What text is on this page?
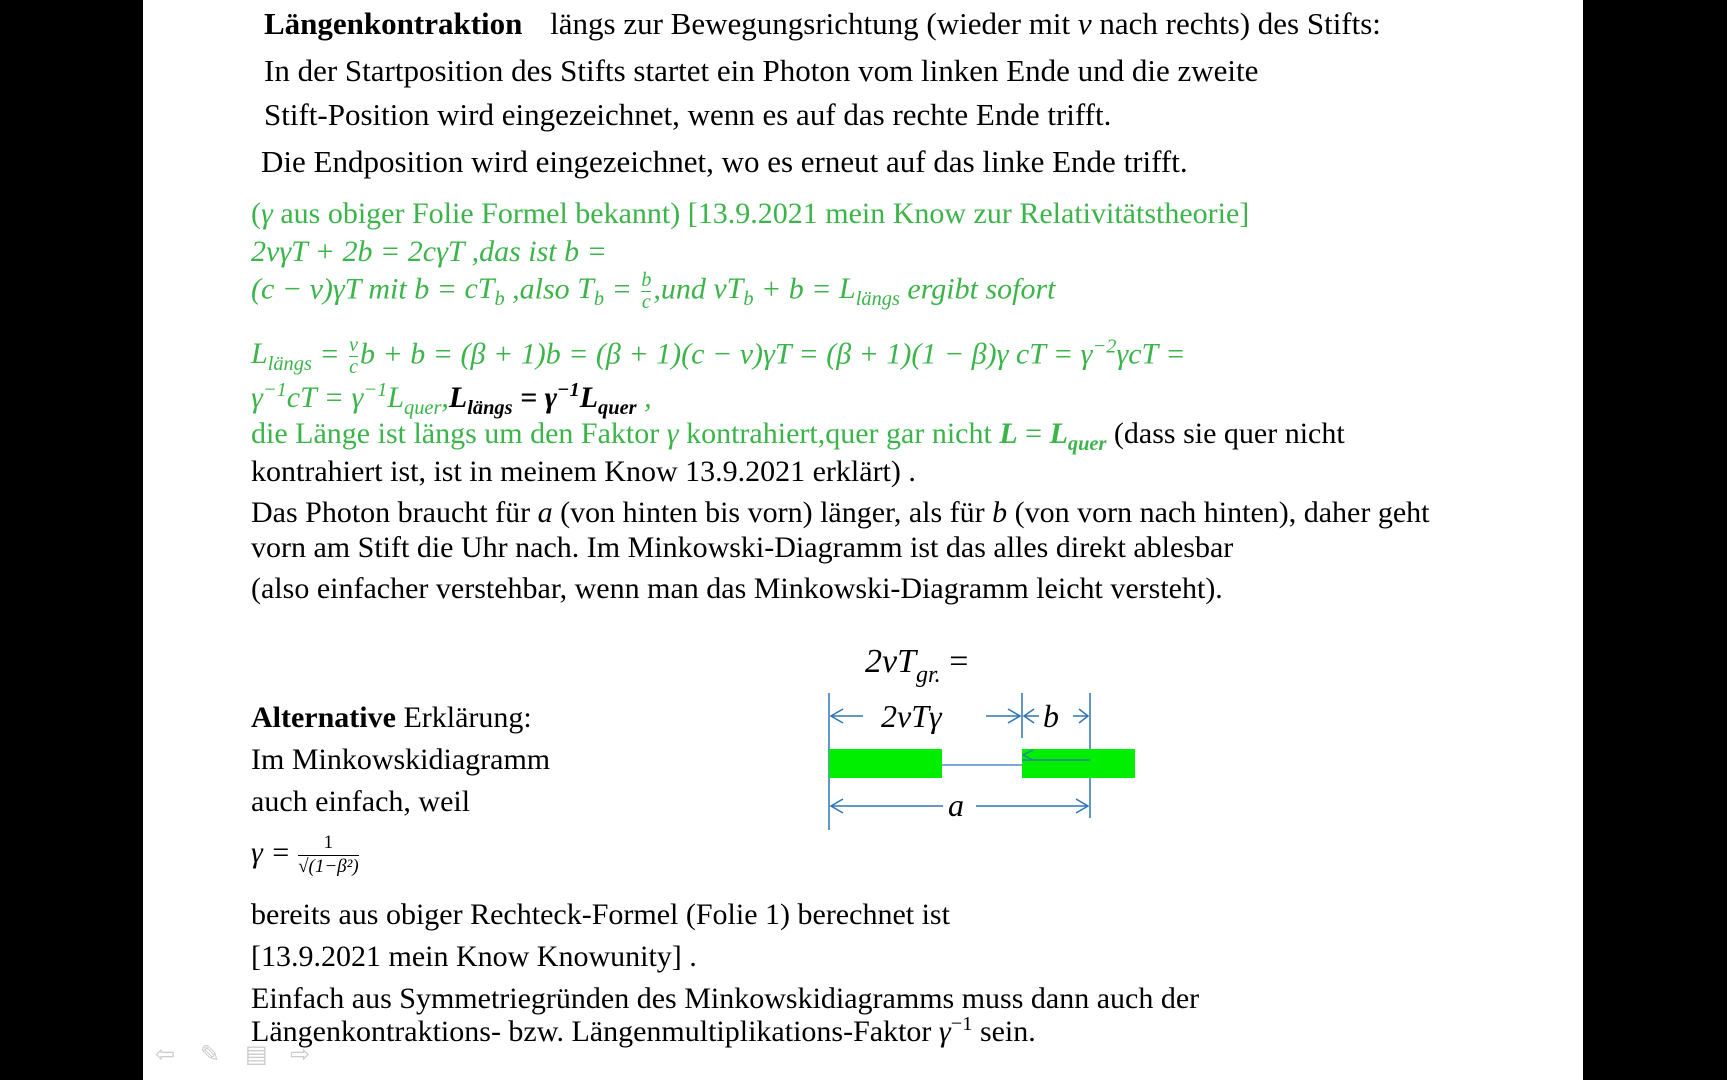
Längenkontraktion längs zur Bewegungsrichtung (wieder mit v nach rechts) des Stifts:
In der Startposition des Stifts startet ein Photon vom linken Ende und die zweite
Stift-Position wird eingezeichnet, wenn es auf das rechte Ende trifft.
Die Endposition wird eingezeichnet, wo es erneut auf das linke Ende trifft.
(γ aus obiger Folie Formel bekannt) [13.9.2021 mein Know zur Relativitätstheorie]
2vγT + 2b = 2cγT ,das ist b =
(c − v)γT mit $b = cT_b$ ,also $T_b = \frac{b}{c} ,und$ $vT_b + b = L_{längs}$ ergibt sofort
$L_{längs} = \frac{v}{c}$ b + b = (β + 1)b = (β + 1)(c − v)γT = (β + 1)(1 − β)γ cT = $\gamma^{-2}\gamma cT$ =
$\gamma^{-1}cT = \gamma^{-1}L_{quer},L_{längs} = \gamma^{-1}L_{quer}$ ,
die Länge ist längs um den Faktor γ kontrahiert,quer gar nicht $L = L_{quer}$ (dass sie quer nicht
kontrahiert ist, ist in meinem Know 13.9.2021 erklärt) .
Das Photon braucht für a (von hinten bis vorn) länger, als für b (von vorn nach hinten), daher geht
vorn am Stift die Uhr nach. Im Minkowski-Diagramm ist das alles direkt ablesbar
(also einfacher verstehbar, wenn man das Minkowski-Diagramm leicht versteht).
Alternative Erklärung:
Im Minkowskidiagramm
auch einfach, weil
$\gamma = \frac{1}{\text{√(1−β²)}}$
bereits aus obiger Rechteck-Formel (Folie 1) berechnet ist
[13.9.2021 mein Know Knowunity] .
Einfach aus Symmetriegründen des Minkowskidiagramms muss dann auch der
Längenkontraktions- bzw. Längenmultiplikations-Faktor $\gamma^{-1}$ sein.
$2vT_{gr.}$ =
2vTγ	b
a
⇦ ✎ ▤ ⇨
